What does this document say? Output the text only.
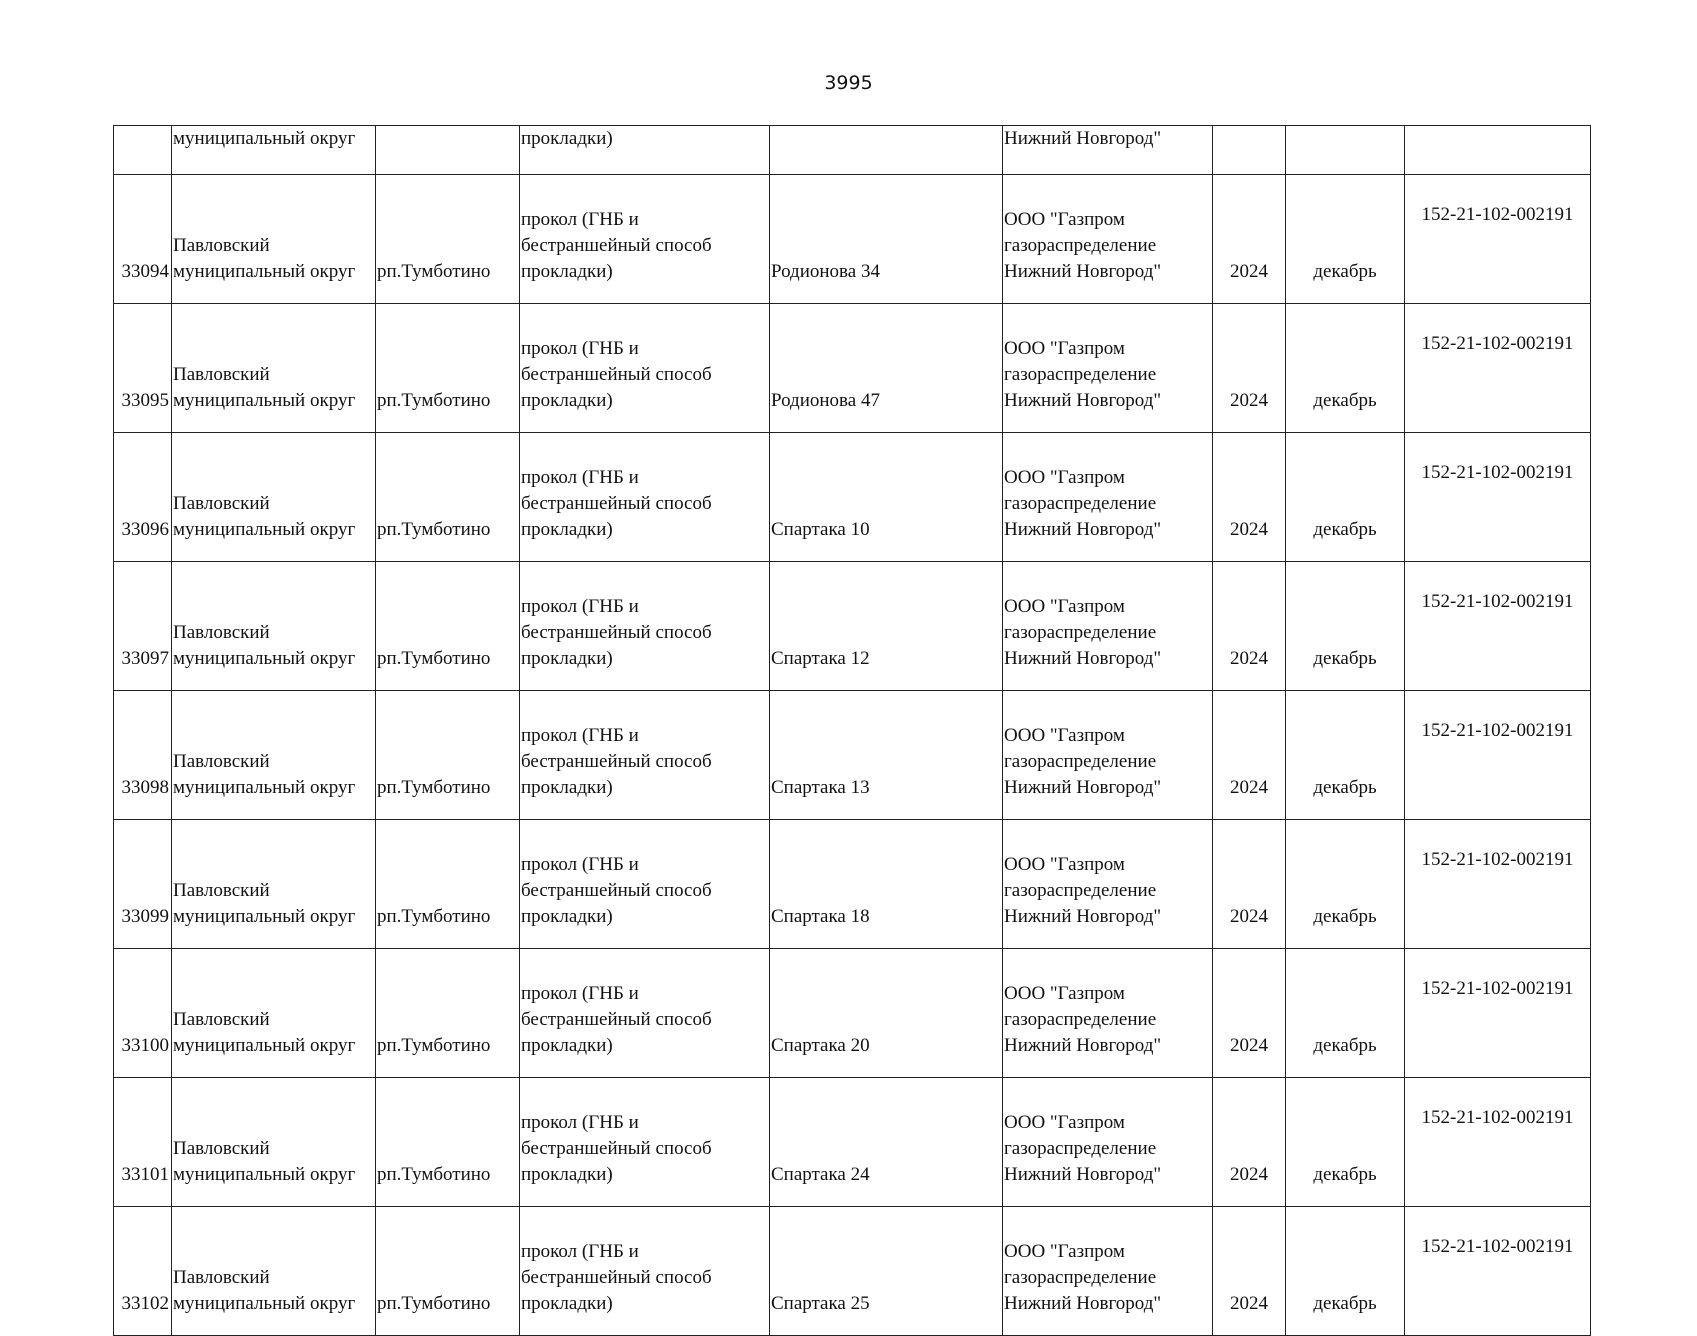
3995
	муниципальный округ		прокладки)		Нижний Новгород"			
33094	Павловский
муниципальный округ	рп.Тумботино	прокол (ГНБ и
бестраншейный способ
прокладки)	Родионова 34	ООО "Газпром
газораспределение
Нижний Новгород"	2024	декабрь	152-21-102-002191
33095	Павловский
муниципальный округ	рп.Тумботино	прокол (ГНБ и
бестраншейный способ
прокладки)	Родионова 47	ООО "Газпром
газораспределение
Нижний Новгород"	2024	декабрь	152-21-102-002191
33096	Павловский
муниципальный округ	рп.Тумботино	прокол (ГНБ и
бестраншейный способ
прокладки)	Спартака 10	ООО "Газпром
газораспределение
Нижний Новгород"	2024	декабрь	152-21-102-002191
33097	Павловский
муниципальный округ	рп.Тумботино	прокол (ГНБ и
бестраншейный способ
прокладки)	Спартака 12	ООО "Газпром
газораспределение
Нижний Новгород"	2024	декабрь	152-21-102-002191
33098	Павловский
муниципальный округ	рп.Тумботино	прокол (ГНБ и
бестраншейный способ
прокладки)	Спартака 13	ООО "Газпром
газораспределение
Нижний Новгород"	2024	декабрь	152-21-102-002191
33099	Павловский
муниципальный округ	рп.Тумботино	прокол (ГНБ и
бестраншейный способ
прокладки)	Спартака 18	ООО "Газпром
газораспределение
Нижний Новгород"	2024	декабрь	152-21-102-002191
33100	Павловский
муниципальный округ	рп.Тумботино	прокол (ГНБ и
бестраншейный способ
прокладки)	Спартака 20	ООО "Газпром
газораспределение
Нижний Новгород"	2024	декабрь	152-21-102-002191
33101	Павловский
муниципальный округ	рп.Тумботино	прокол (ГНБ и
бестраншейный способ
прокладки)	Спартака 24	ООО "Газпром
газораспределение
Нижний Новгород"	2024	декабрь	152-21-102-002191
33102	Павловский
муниципальный округ	рп.Тумботино	прокол (ГНБ и
бестраншейный способ
прокладки)	Спартака 25	ООО "Газпром
газораспределение
Нижний Новгород"	2024	декабрь	152-21-102-002191
